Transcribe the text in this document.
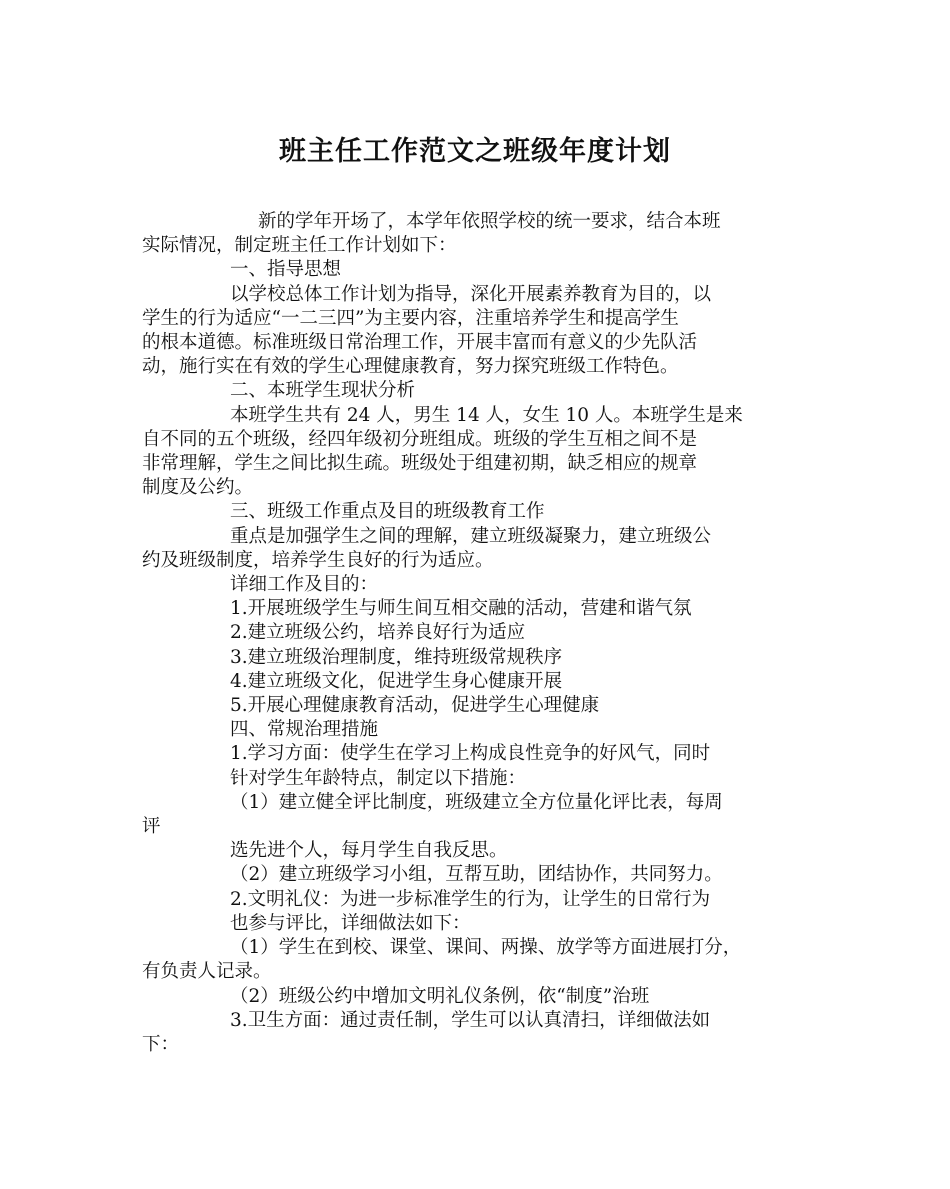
班主任工作范文之班级年度计划

新的学年开场了，本学年依照学校的统一要求，结合本班

实际情况，制定班主任工作计划如下：

一、指导思想

以学校总体工作计划为指导，深化开展素养教育为目的，以

学生的行为适应“一二三四”为主要内容，注重培养学生和提高学生

的根本道德。标准班级日常治理工作，开展丰富而有意义的少先队活

动，施行实在有效的学生心理健康教育，努力探究班级工作特色。

二、本班学生现状分析

本班学生共有 24 人，男生 14 人，女生 10 人。本班学生是来

自不同的五个班级，经四年级初分班组成。班级的学生互相之间不是

非常理解，学生之间比拟生疏。班级处于组建初期，缺乏相应的规章

制度及公约。

三、班级工作重点及目的班级教育工作

重点是加强学生之间的理解，建立班级凝聚力，建立班级公

约及班级制度，培养学生良好的行为适应。

详细工作及目的：

1.开展班级学生与师生间互相交融的活动，营建和谐气氛

2.建立班级公约，培养良好行为适应

3.建立班级治理制度，维持班级常规秩序

4.建立班级文化，促进学生身心健康开展

5.开展心理健康教育活动，促进学生心理健康

四、常规治理措施

1.学习方面：使学生在学习上构成良性竞争的好风气，同时

针对学生年龄特点，制定以下措施：

（1）建立健全评比制度，班级建立全方位量化评比表，每周

评

选先进个人，每月学生自我反思。

（2）建立班级学习小组，互帮互助，团结协作，共同努力。

2.文明礼仪：为进一步标准学生的行为，让学生的日常行为

也参与评比，详细做法如下：

（1）学生在到校、课堂、课间、两操、放学等方面进展打分，

有负责人记录。

（2）班级公约中增加文明礼仪条例，依“制度”治班

3.卫生方面：通过责任制，学生可以认真清扫，详细做法如

下：
